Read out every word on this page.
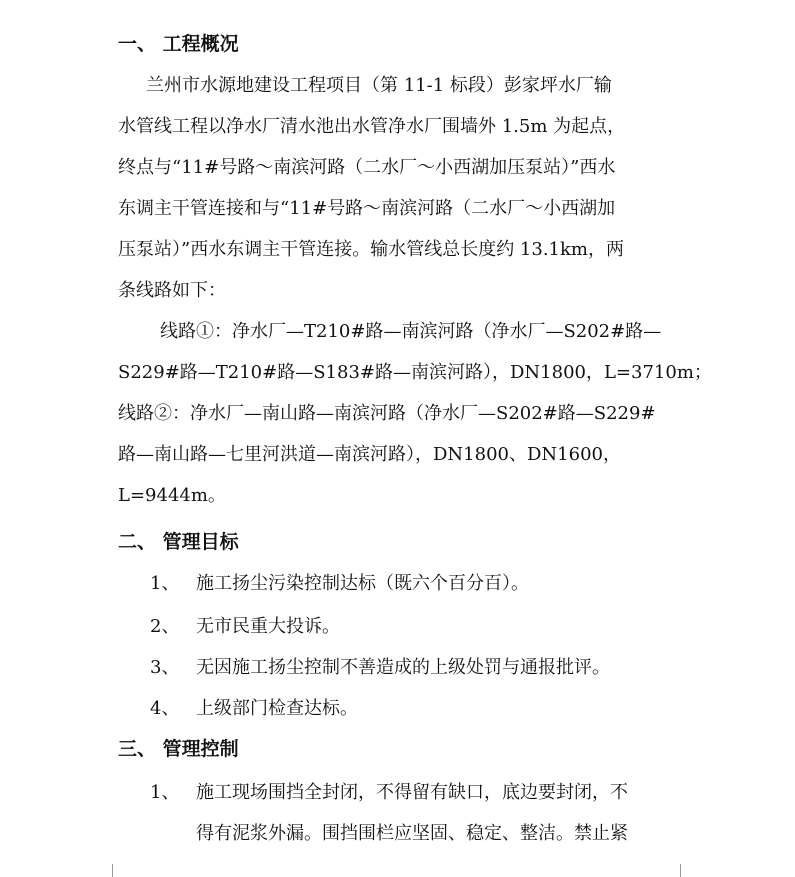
一、 工程概况
兰州市水源地建设工程项目（第 11-1 标段）彭家坪水厂输
水管线工程以净水厂清水池出水管净水厂围墙外 1.5m 为起点，
终点与“11#号路～南滨河路（二水厂～小西湖加压泵站）”西水
东调主干管连接和与“11#号路～南滨河路（二水厂～小西湖加
压泵站）”西水东调主干管连接。输水管线总长度约 13.1km，两
条线路如下：
线路①：净水厂—T210#路—南滨河路（净水厂—S202#路—
S229#路—T210#路—S183#路—南滨河路），DN1800，L=3710m；
线路②：净水厂—南山路—南滨河路（净水厂—S202#路—S229#
路—南山路—七里河洪道—南滨河路），DN1800、DN1600，
L=9444m。
二、 管理目标
1、 施工扬尘污染控制达标（既六个百分百）。
2、 无市民重大投诉。
3、 无因施工扬尘控制不善造成的上级处罚与通报批评。
4、 上级部门检查达标。
三、 管理控制
1、 施工现场围挡全封闭，不得留有缺口，底边要封闭，不
得有泥浆外漏。围挡围栏应坚固、稳定、整洁。禁止紧
